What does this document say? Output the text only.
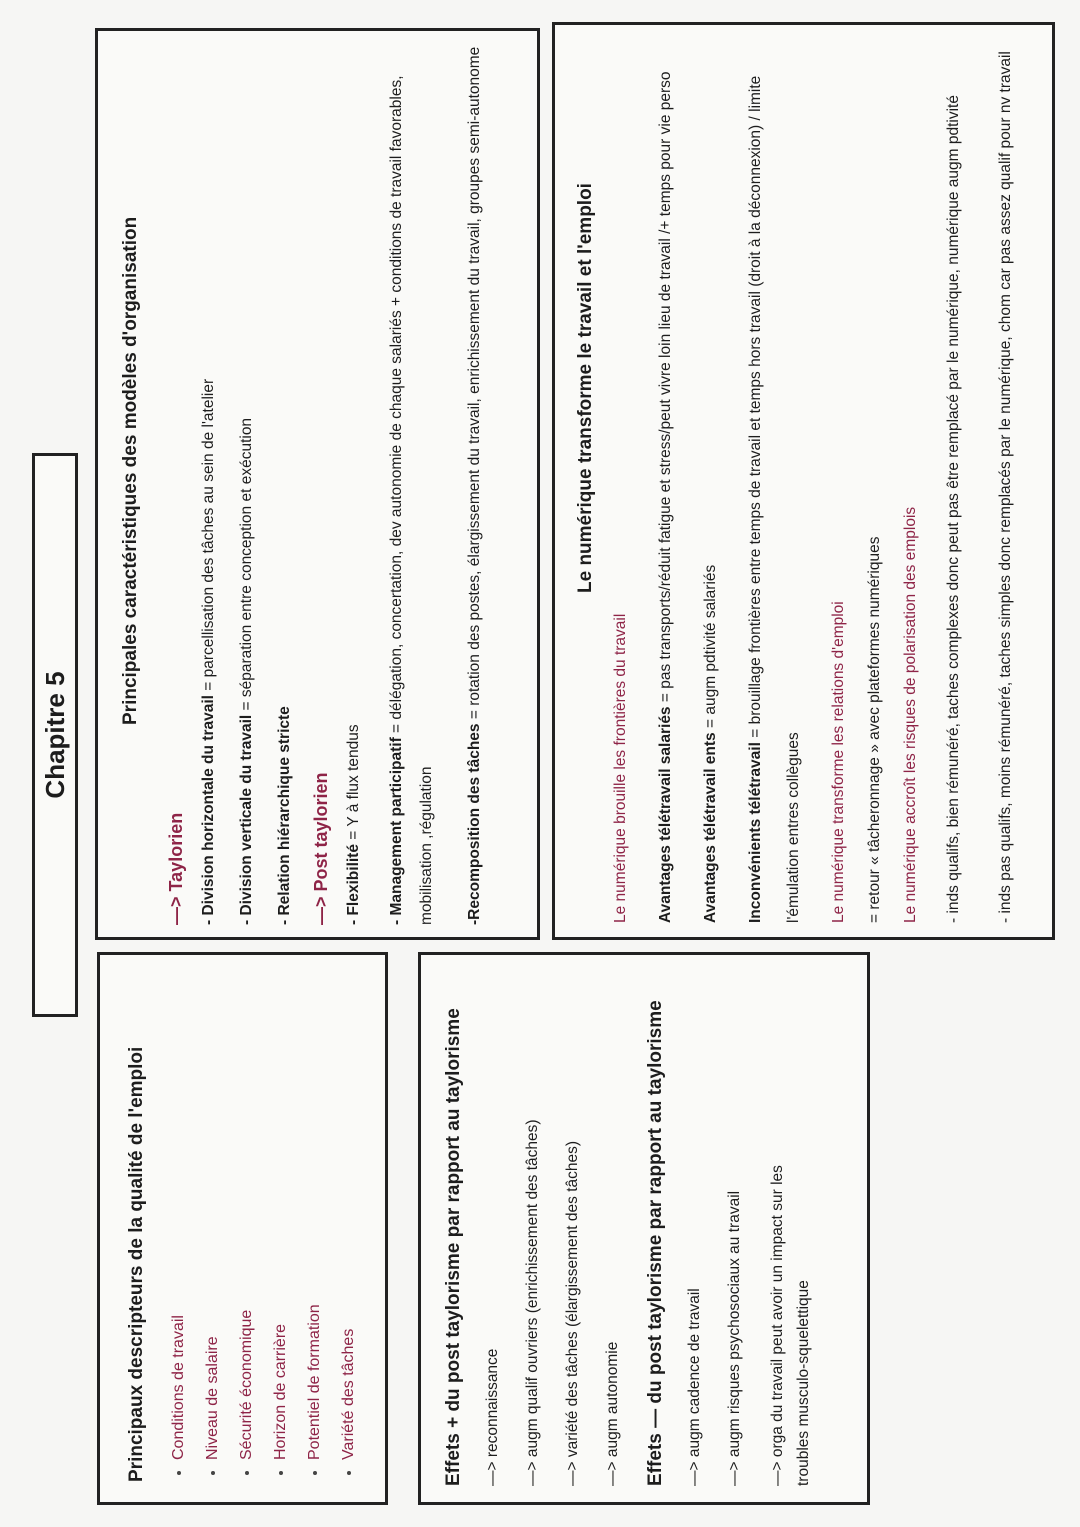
Chapitre 5
Principaux descripteurs de la qualité de l'emploi • Conditions de travail • Niveau de salaire • Sécurité économique • Horizon de carrière • Potentiel de formation • Variété des tâches	Effets + du post taylorisme par rapport au taylorisme —> reconnaissance —> augm qualif ouvriers (enrichissement des tâches) —> variété des tâches (élargissement des tâches) —> augm autonomie Effets — du post taylorisme par rapport au taylorisme —> augm cadence de travail —> augm risques psychosociaux au travail —> orga du travail peut avoir un impact sur les troubles musculo-squelettique
Principales caractéristiques des modèles d'organisation
—> Taylorien - Division horizontale du travail = parcellisation des tâches au sein de l'atelier
- Division verticale du travail = séparation entre conception et exécution
- Relation hiérarchique stricte —> Post taylorien - Flexibilité = Y à flux tendus	- Management participatif = délégation, concertation, dev autonomie de chaque salariés + conditions de travail favorables, mobilisation ,régulation	-Recomposition des tâches = rotation des postes, élargissement du travail, enrichissement du travail, groupes semi-autonome	Le numérique transforme le travail et l'emploi
Le numérique brouille les frontières du travail	Avantages télétravail salariés = pas transports/réduit fatigue et stress/peut vivre loin lieu de travail /+ temps pour vie perso
Avantages télétravail ents = augm pdtivité salariés
Inconvénients télétravail = brouillage frontières entre temps de travail et temps hors travail (droit à la déconnexion) / limite l'émulation entres collègues	Le numérique transforme les relations d'emploi = retour « tâcheronnage » avec plateformes numériques Le numérique accroît les risques de polarisation des emplois	- inds qualifs, bien rémunéré, taches complexes donc peut pas être remplacé par le numérique, numérique augm pdtivité	- inds pas qualifs, moins rémunéré, taches simples donc remplacés par le numérique, chom car pas assez qualif pour nv travail
